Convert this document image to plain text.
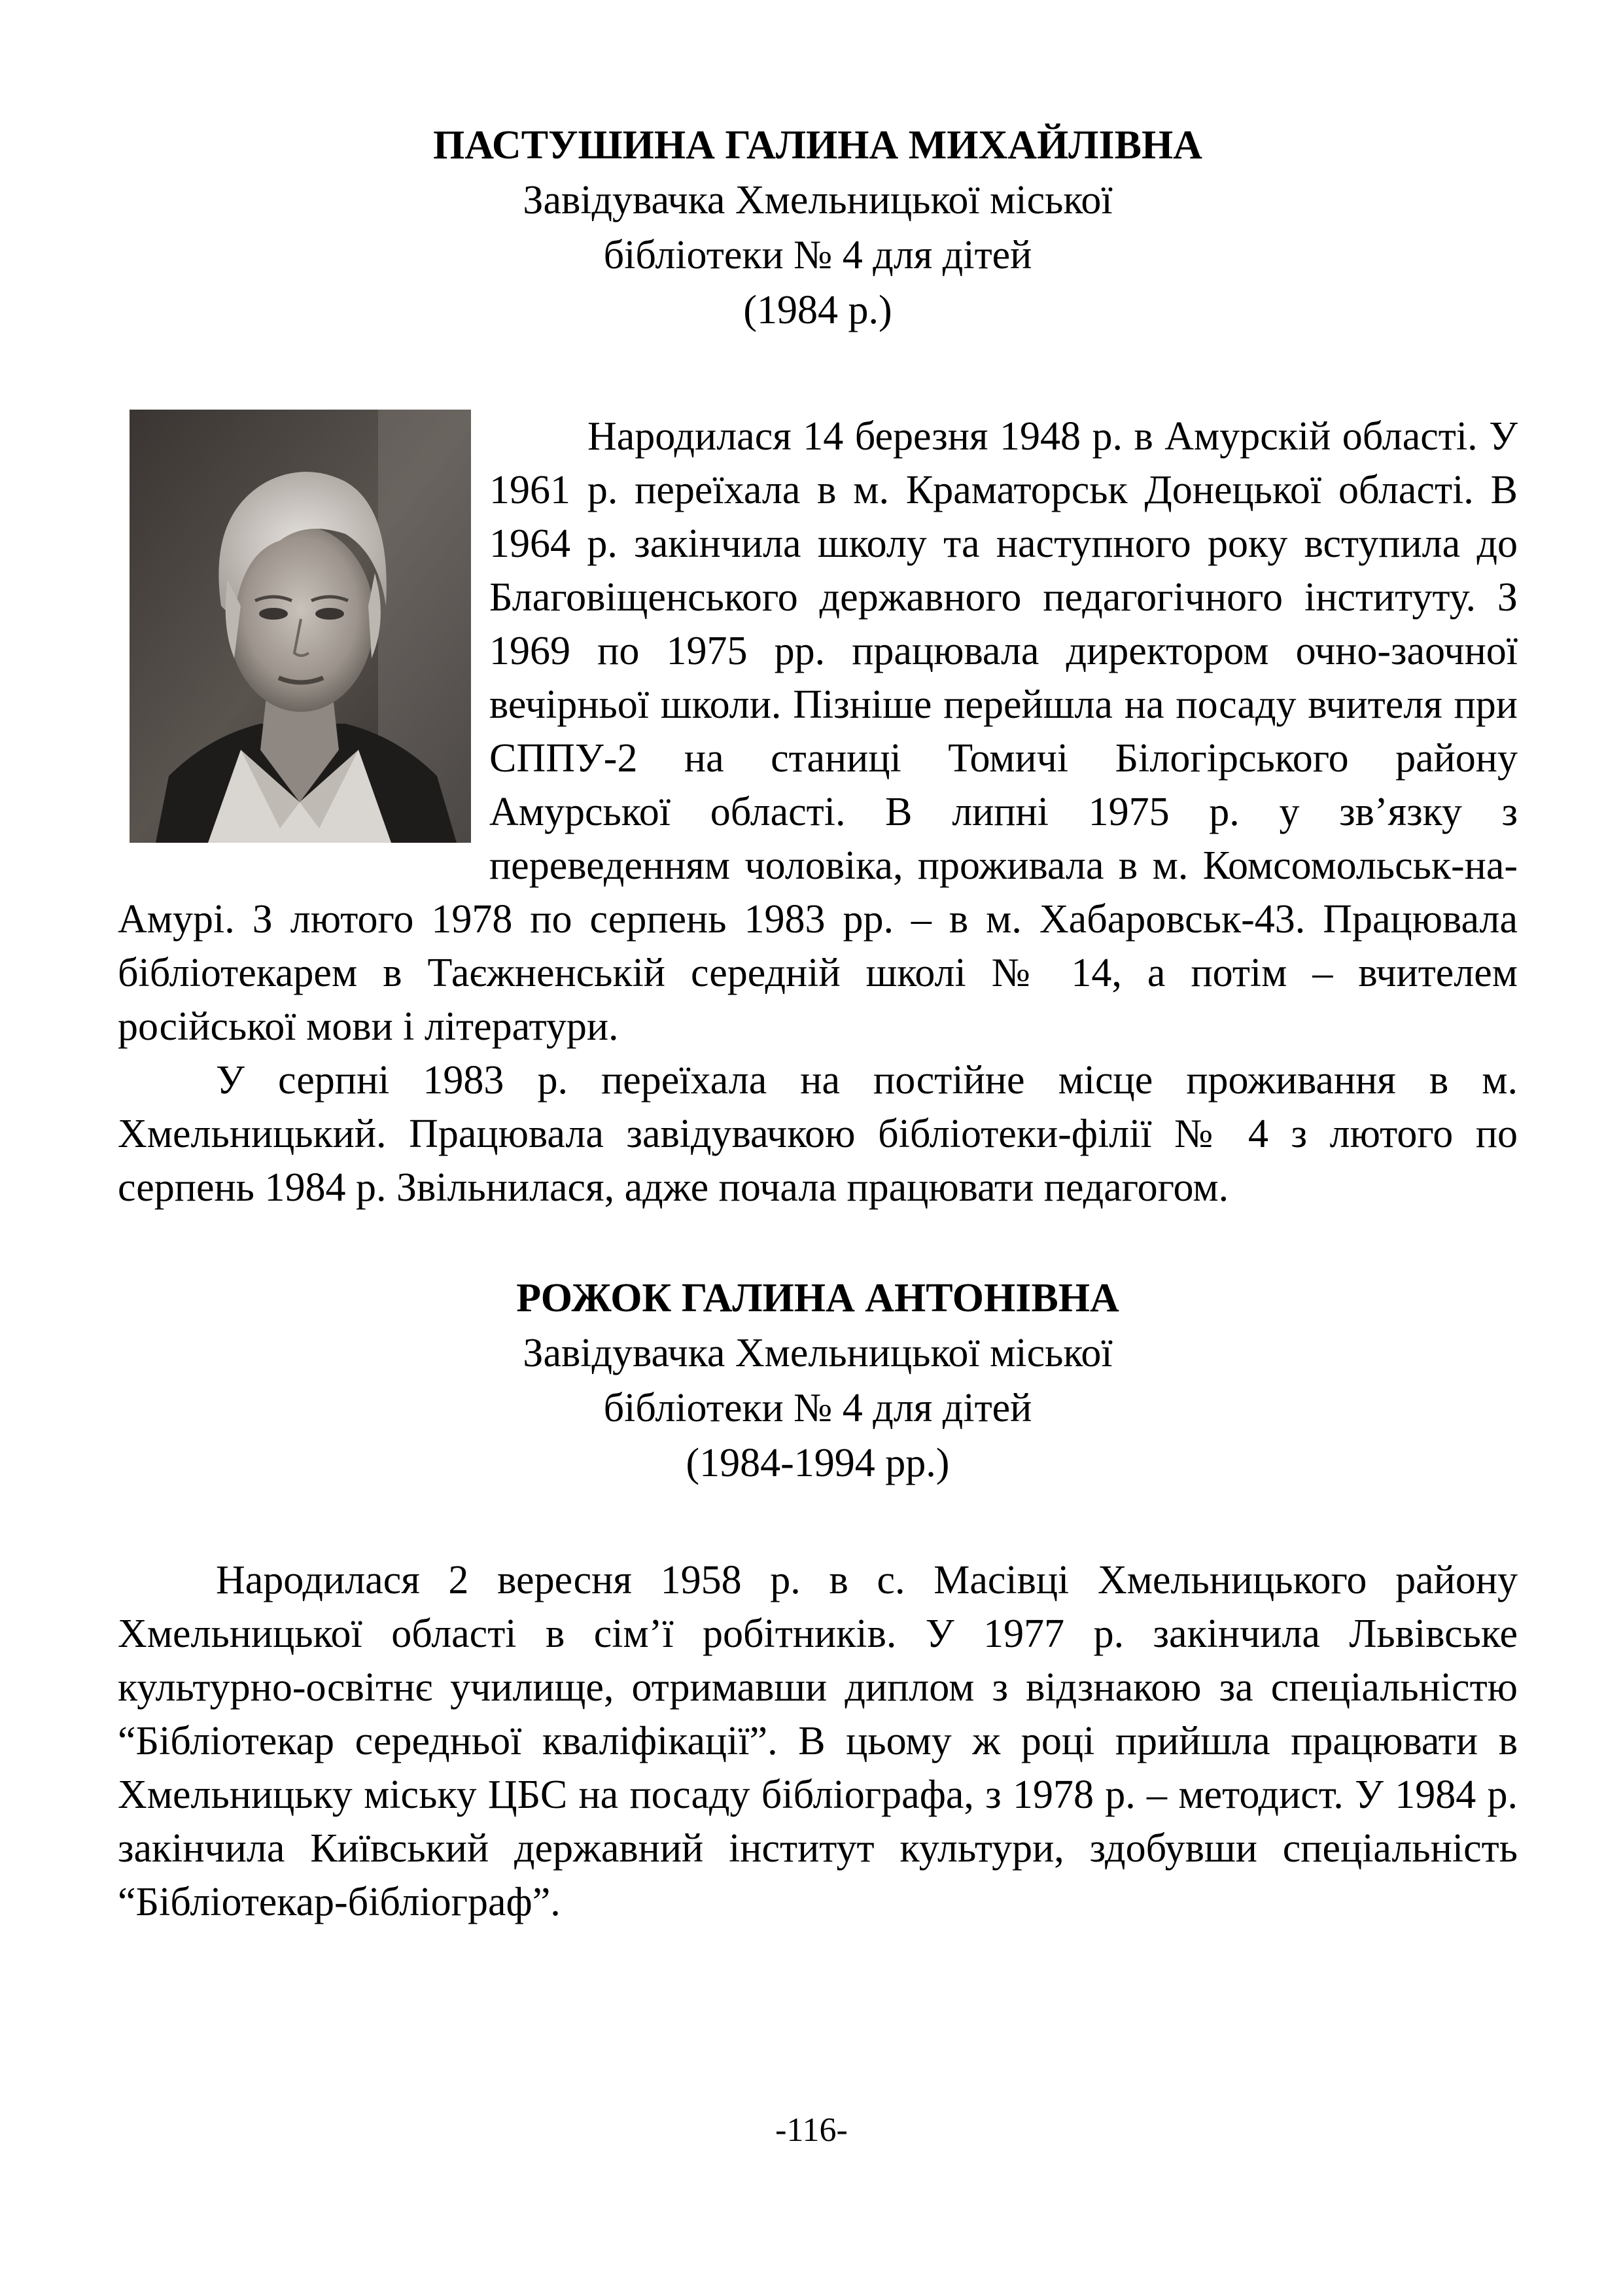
ПАСТУШИНА ГАЛИНА МИХАЙЛІВНА

Завідувачка Хмельницької міської

бібліотеки № 4 для дітей

(1984 р.)

Народилася 14 березня 1948 р. в Амурскій області. У 1961 р. переїхала в м. Краматорськ Донецької області. В 1964 р. закінчила школу та наступного року вступила до Благовіщенського державного педагогічного інституту. З 1969 по 1975 рр. працювала директором очно-заочної вечірньої школи. Пізніше перейшла на посаду вчителя при СППУ-2 на станиці Томичі Білогірського району Амурської області. В липні 1975 р. у зв’язку з переведенням чоловіка, проживала в м. Комсомольськ-на-Амурі. З лютого 1978 по серпень 1983 рр. – в м. Хабаровськ-43. Працювала бібліотекарем в Таєжненській середній школі № 14, а потім – вчителем російської мови і літератури.

У серпні 1983 р. переїхала на постійне місце проживання в м. Хмельницький. Працювала завідувачкою бібліотеки-філії № 4 з лютого по серпень 1984 р. Звільнилася, адже почала працювати педагогом.

РОЖОК ГАЛИНА АНТОНІВНА

Завідувачка Хмельницької міської

бібліотеки № 4 для дітей

(1984-1994 рр.)

Народилася 2 вересня 1958 р. в с. Масівці Хмельницького району Хмельницької області в сім’ї робітників. У 1977 р. закінчила Львівське культурно-освітнє училище, отримавши диплом з відзнакою за спеціальністю “Бібліотекар середньої кваліфікації”. В цьому ж році прийшла працювати в Хмельницьку міську ЦБС на посаду бібліографа, з 1978 р. – методист. У 1984 р. закінчила Київський державний інститут культури, здобувши спеціальність “Бібліотекар-бібліограф”.

-116-
